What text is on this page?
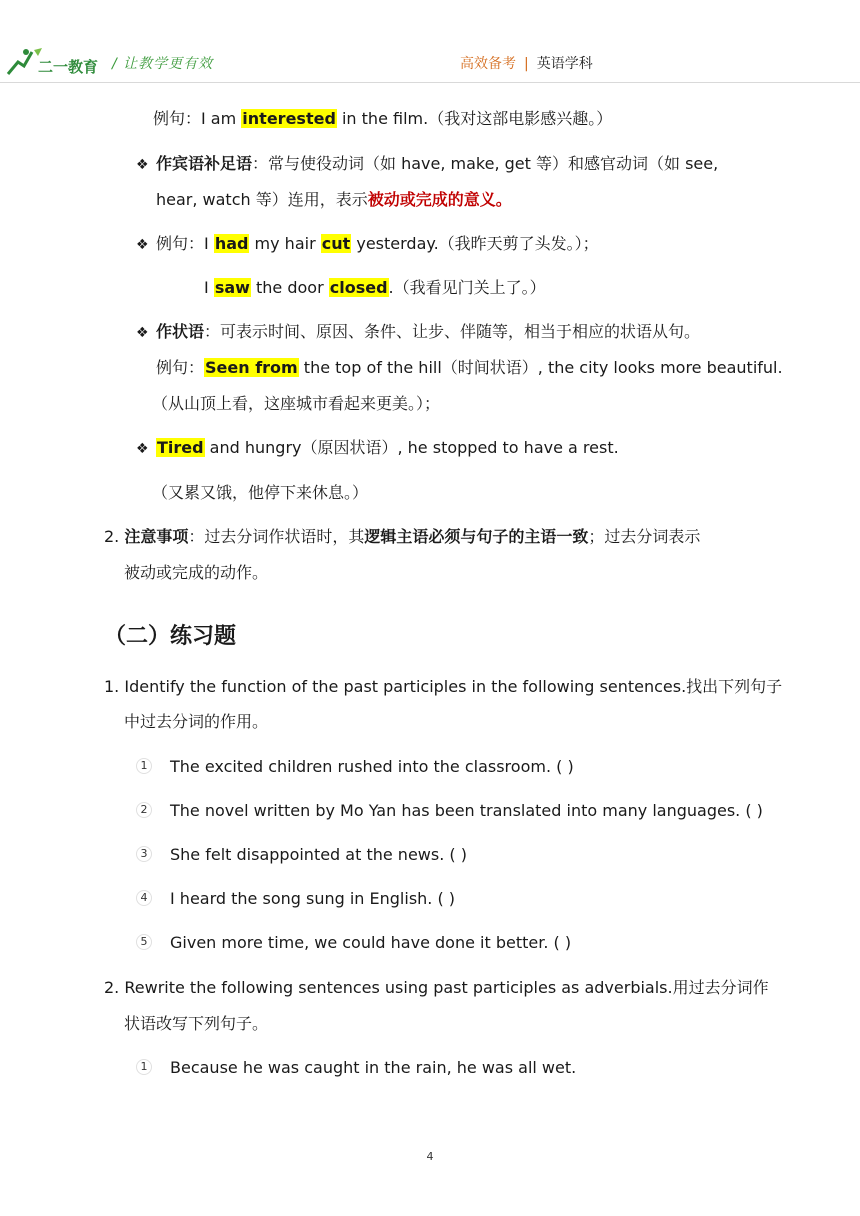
二一教育 / 让教学更有效	高效备考 | 英语学科
例句：I am interested in the film.（我对这部电影感兴趣。）
❖ 作宾语补足语：常与使役动词（如 have, make, get 等）和感官动词（如 see,
hear, watch 等）连用，表示被动或完成的意义。
❖ 例句：I had my hair cut yesterday.（我昨天剪了头发。）；
I saw the door closed.（我看见门关上了。）
❖ 作状语：可表示时间、原因、条件、让步、伴随等，相当于相应的状语从句。
例句：Seen from the top of the hill（时间状语）, the city looks more beautiful.
（从山顶上看，这座城市看起来更美。）；
❖ Tired and hungry（原因状语）, he stopped to have a rest.
（又累又饿，他停下来休息。）
2. 注意事项：过去分词作状语时，其逻辑主语必须与句子的主语一致；过去分词表示
被动或完成的动作。
（二）练习题
1. Identify the function of the past participles in the following sentences.找出下列句子
中过去分词的作用。
1 The excited children rushed into the classroom. ( )
2 The novel written by Mo Yan has been translated into many languages. ( )
3 She felt disappointed at the news. ( )
4 I heard the song sung in English. ( )
5 Given more time, we could have done it better. ( )
2. Rewrite the following sentences using past participles as adverbials.用过去分词作
状语改写下列句子。
1 Because he was caught in the rain, he was all wet.
4
